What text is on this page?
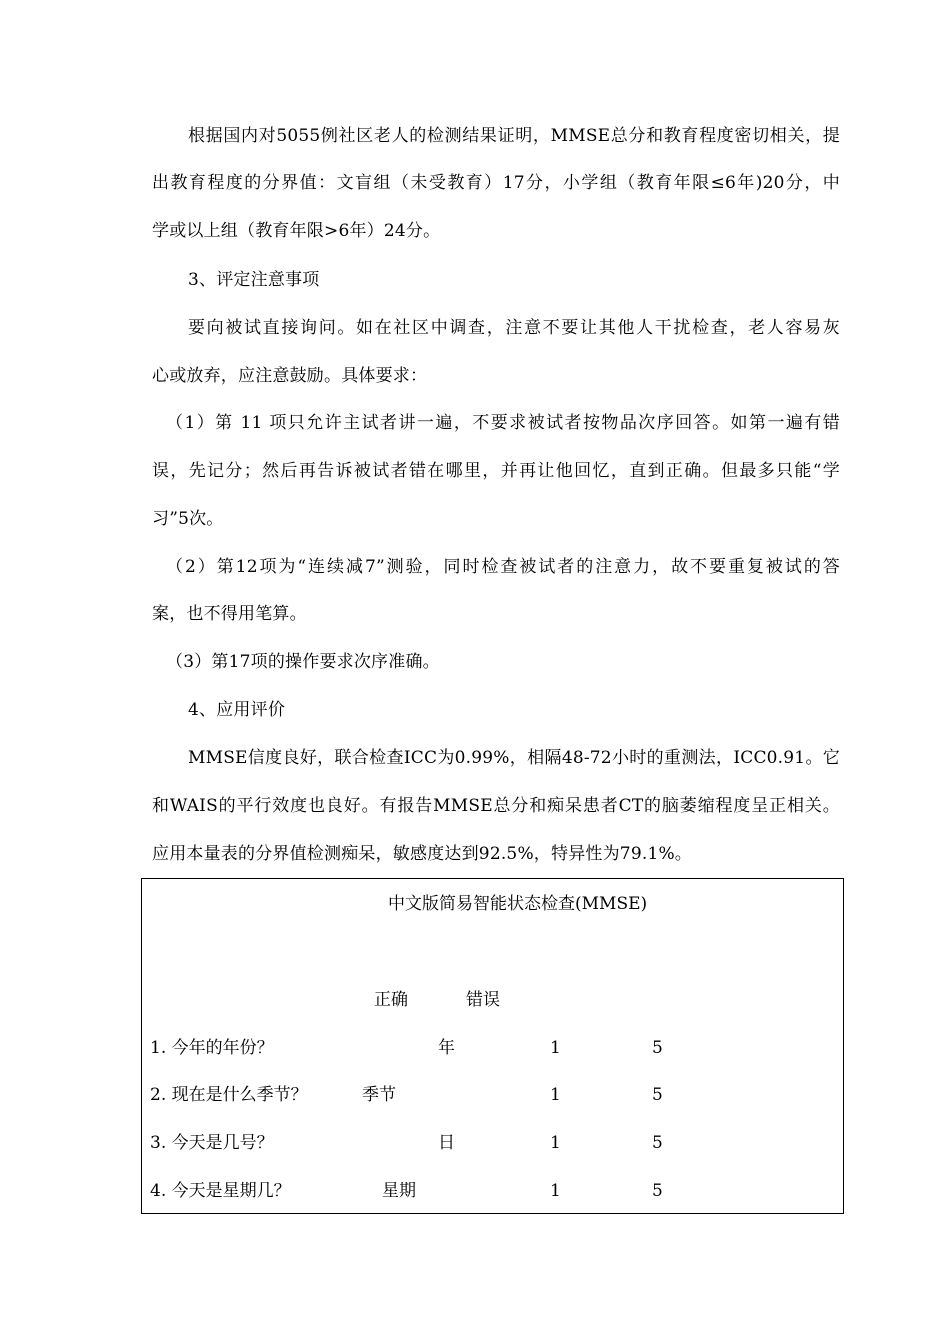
根据国内对5055例社区老人的检测结果证明，MMSE总分和教育程度密切相关，提
出教育程度的分界值：文盲组（未受教育）17分，小学组（教育年限≤6年)20分，中
学或以上组（教育年限>6年）24分。
3、评定注意事项
要向被试直接询问。如在社区中调查，注意不要让其他人干扰检查，老人容易灰
心或放弃，应注意鼓励。具体要求：
（1）第 11 项只允许主试者讲一遍，不要求被试者按物品次序回答。如第一遍有错
误，先记分；然后再告诉被试者错在哪里，并再让他回忆，直到正确。但最多只能“学
习”5次。
（2）第12项为“连续减7”测验，同时检查被试者的注意力，故不要重复被试的答
案，也不得用笔算。
（3）第17项的操作要求次序准确。
4、应用评价
MMSE信度良好，联合检查ICC为0.99%，相隔48-72小时的重测法，ICC0.91。它
和WAIS的平行效度也良好。有报告MMSE总分和痴呆患者CT的脑萎缩程度呈正相关。
应用本量表的分界值检测痴呆，敏感度达到92.5%，特异性为79.1%。
中文版简易智能状态检查(MMSE)
正确	错误
1. 今年的年份？	年	1	5
2. 现在是什么季节？	季节	1	5
3. 今天是几号？	日	1	5
4. 今天是星期几？	星期	1	5
